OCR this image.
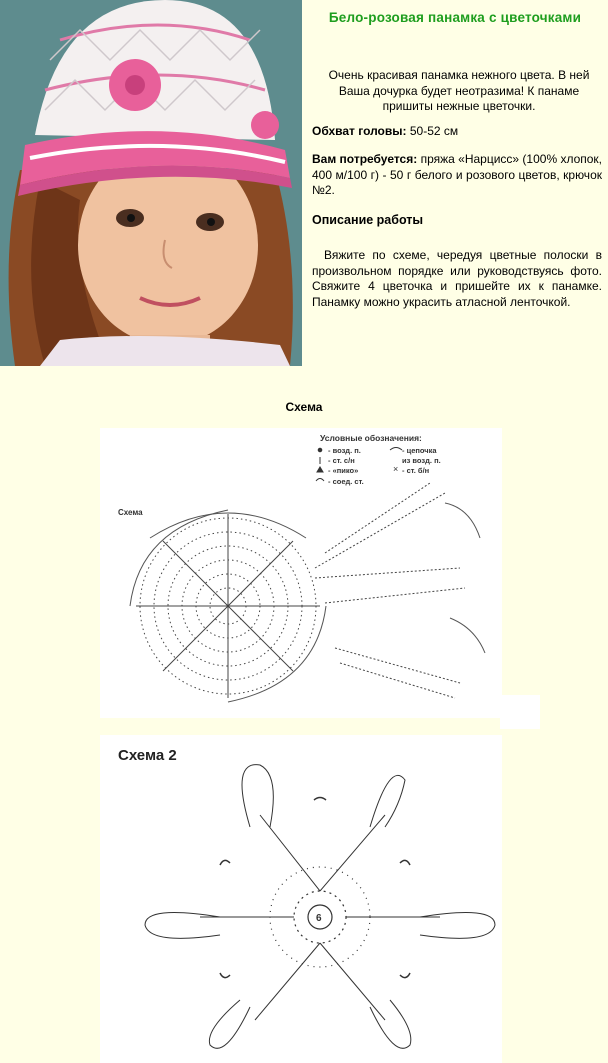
Бело-розовая панамка с цветочками
Очень красивая панамка нежного цвета. В ней Ваша дочурка будет неотразима! К панаме пришиты нежные цветочки.
Обхват головы: 50-52 см
Вам потребуется: пряжа «Нарцисс» (100% хлопок, 400 м/100 г) - 50 г белого и розового цветов, крючок №2.
Описание работы
Вяжите по схеме, чередуя цветные полоски в произвольном порядке или руководствуясь фото. Свяжите 4 цветочка и пришейте их к панамке. Панамку можно украсить атласной ленточкой.
Схема
Схема
Условные обозначения:
- возд. п.
- ст. с/н
- «пико»
- соед. ст.
- цепочка
из возд. п.
- ст. б/н
×
Схема 2
6
